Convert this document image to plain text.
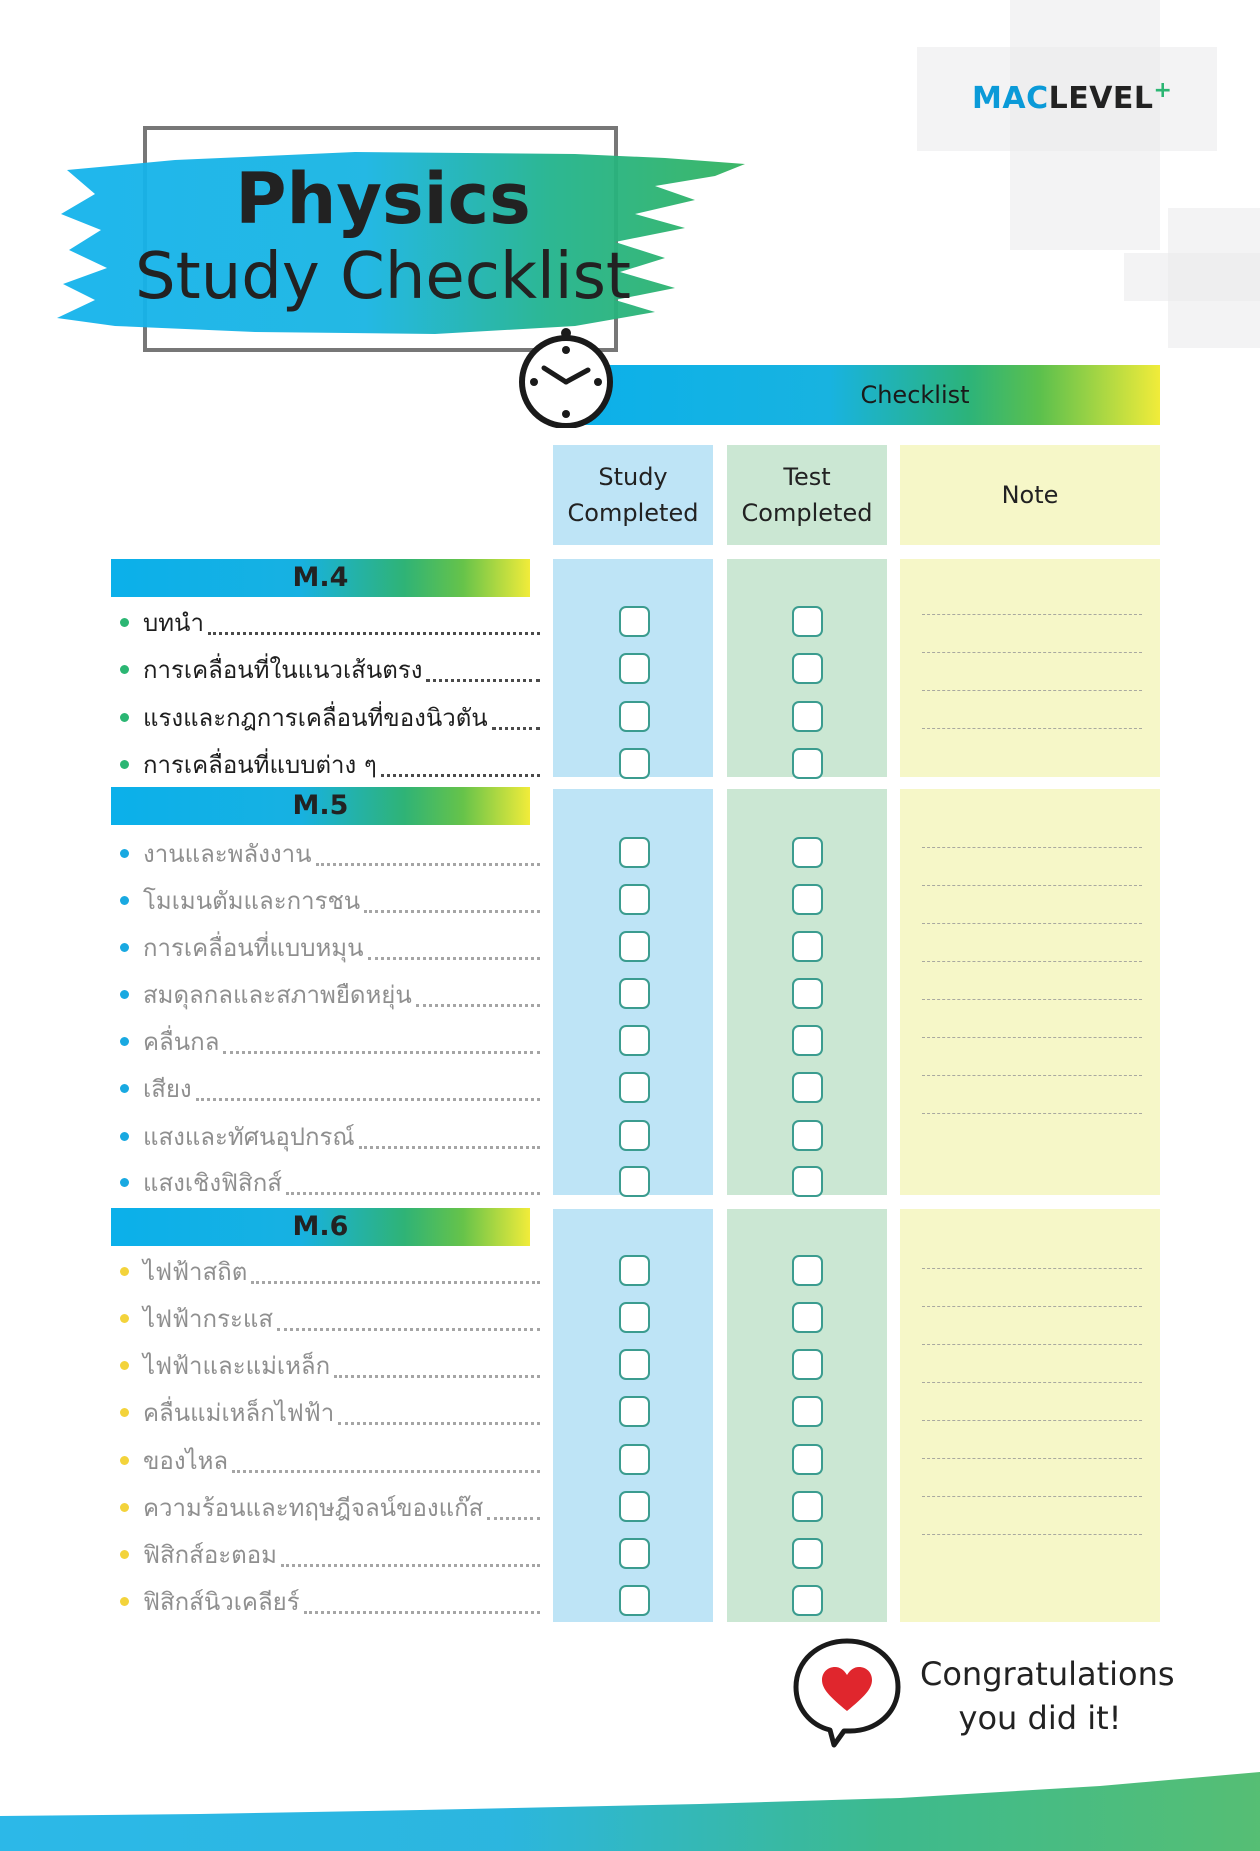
MACLEVEL+
Physics
Study Checklist
Checklist
Study
Completed
Test
Completed
Note
M.4
M.5
M.6
บทนำ
การเคลื่อนที่ในแนวเส้นตรง
แรงและกฎการเคลื่อนที่ของนิวตัน
การเคลื่อนที่แบบต่าง ๆ
งานและพลังงาน
โมเมนตัมและการชน
การเคลื่อนที่แบบหมุน
สมดุลกลและสภาพยืดหยุ่น
คลื่นกล
เสียง
แสงและทัศนอุปกรณ์
แสงเชิงฟิสิกส์
ไฟฟ้าสถิต
ไฟฟ้ากระแส
ไฟฟ้าและแม่เหล็ก
คลื่นแม่เหล็กไฟฟ้า
ของไหล
ความร้อนและทฤษฎีจลน์ของแก๊ส
ฟิสิกส์อะตอม
ฟิสิกส์นิวเคลียร์
Congratulations
you did it!
